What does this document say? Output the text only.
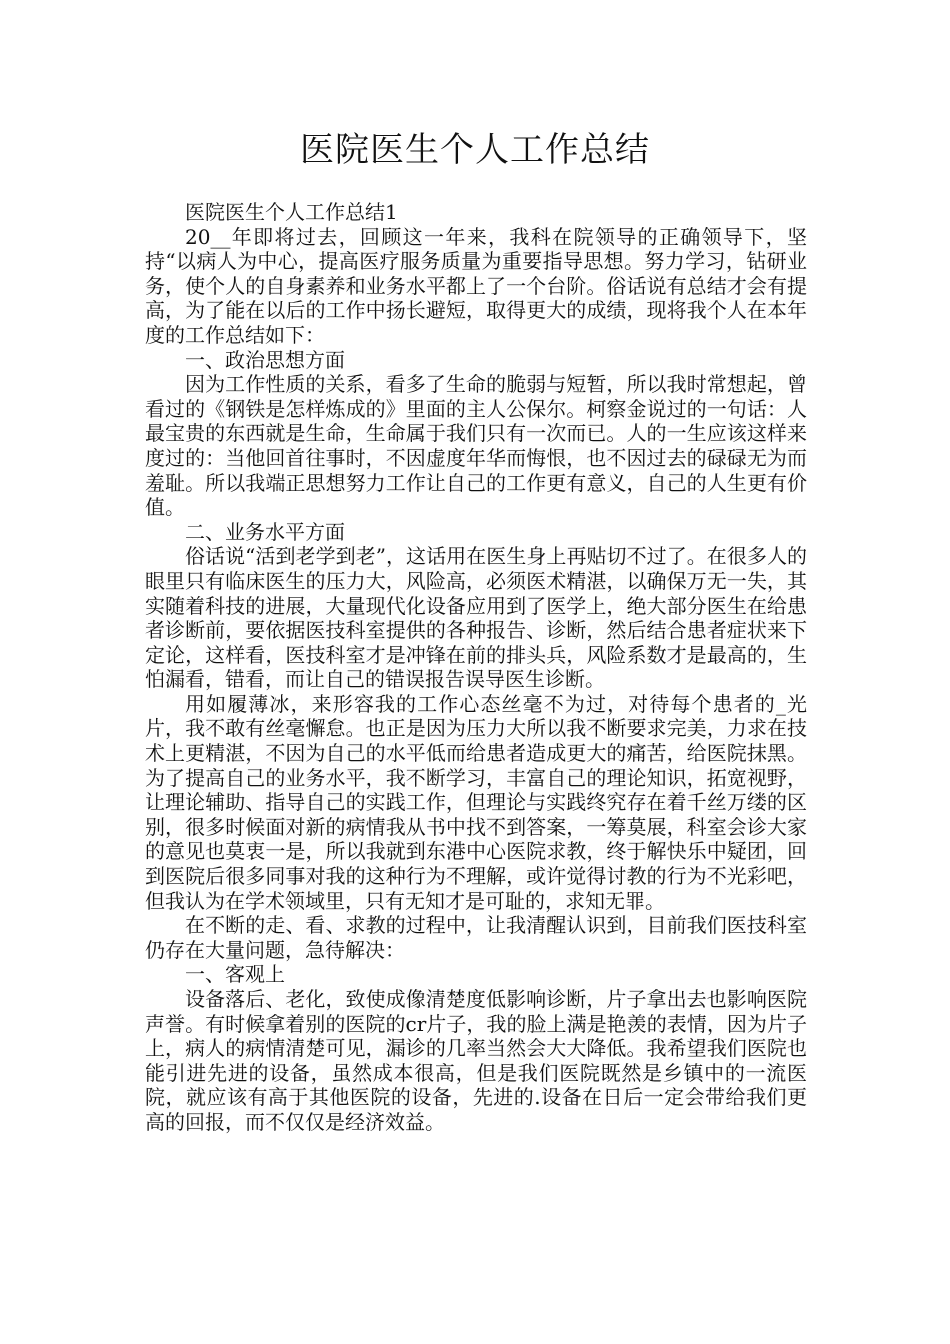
医院医生个人工作总结

医院医生个人工作总结1

20__年即将过去，回顾这一年来，我科在院领导的正确领导下，坚持“以病人为中心，提高医疗服务质量为重要指导思想。努力学习，钻研业务，使个人的自身素养和业务水平都上了一个台阶。俗话说有总结才会有提高，为了能在以后的工作中扬长避短，取得更大的成绩，现将我个人在本年度的工作总结如下：

一、政治思想方面

因为工作性质的关系，看多了生命的脆弱与短暂，所以我时常想起，曾看过的《钢铁是怎样炼成的》里面的主人公保尔。柯察金说过的一句话：人最宝贵的东西就是生命，生命属于我们只有一次而已。人的一生应该这样来度过的：当他回首往事时，不因虚度年华而悔恨，也不因过去的碌碌无为而羞耻。所以我端正思想努力工作让自己的工作更有意义，自己的人生更有价值。

二、业务水平方面

俗话说“活到老学到老”，这话用在医生身上再贴切不过了。在很多人的眼里只有临床医生的压力大，风险高，必须医术精湛，以确保万无一失，其实随着科技的进展，大量现代化设备应用到了医学上，绝大部分医生在给患者诊断前，要依据医技科室提供的各种报告、诊断，然后结合患者症状来下定论，这样看，医技科室才是冲锋在前的排头兵，风险系数才是最高的，生怕漏看，错看，而让自己的错误报告误导医生诊断。

用如履薄冰，来形容我的工作心态丝毫不为过，对待每个患者的_光片，我不敢有丝毫懈怠。也正是因为压力大所以我不断要求完美，力求在技术上更精湛，不因为自己的水平低而给患者造成更大的痛苦，给医院抹黑。为了提高自己的业务水平，我不断学习，丰富自己的理论知识，拓宽视野，让理论辅助、指导自己的实践工作，但理论与实践终究存在着千丝万缕的区别，很多时候面对新的病情我从书中找不到答案，一筹莫展，科室会诊大家的意见也莫衷一是，所以我就到东港中心医院求教，终于解快乐中疑团，回到医院后很多同事对我的这种行为不理解，或许觉得讨教的行为不光彩吧，但我认为在学术领域里，只有无知才是可耻的，求知无罪。

在不断的走、看、求教的过程中，让我清醒认识到，目前我们医技科室仍存在大量问题，急待解决：

一、客观上

设备落后、老化，致使成像清楚度低影响诊断，片子拿出去也影响医院声誉。有时候拿着别的医院的cr片子，我的脸上满是艳羡的表情，因为片子上，病人的病情清楚可见，漏诊的几率当然会大大降低。我希望我们医院也能引进先进的设备，虽然成本很高，但是我们医院既然是乡镇中的一流医院，就应该有高于其他医院的设备，先进的.设备在日后一定会带给我们更高的回报，而不仅仅是经济效益。
